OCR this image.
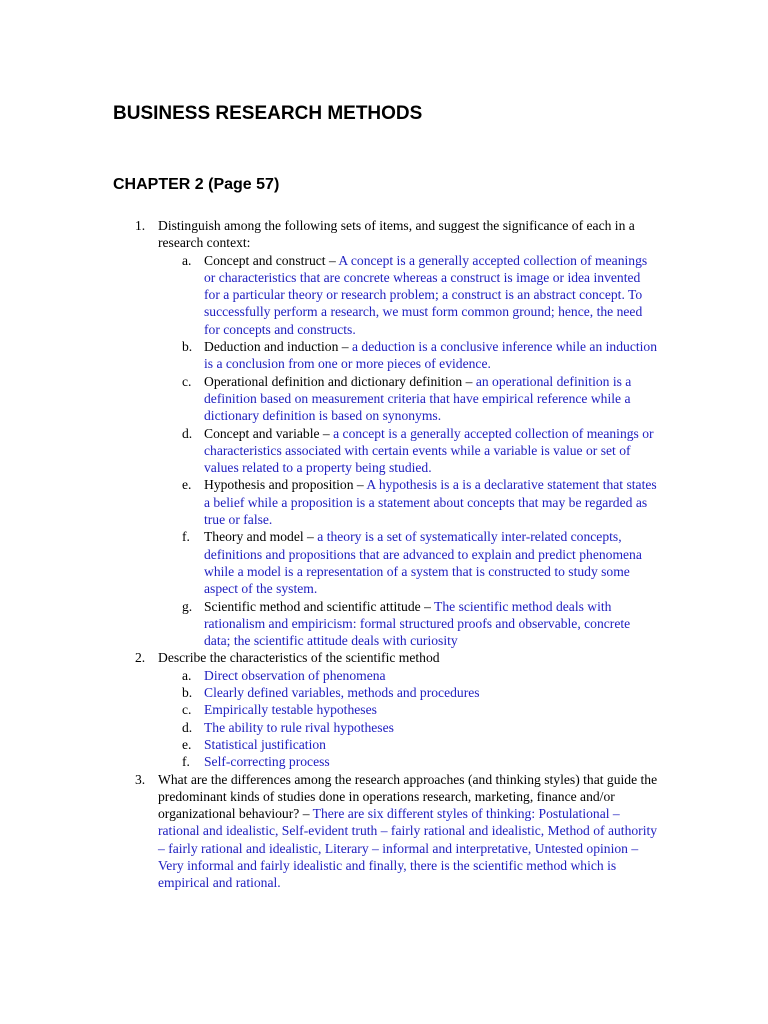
BUSINESS RESEARCH METHODS
CHAPTER 2 (Page 57)
1. Distinguish among the following sets of items, and suggest the significance of each in a research context:
a. Concept and construct – A concept is a generally accepted collection of meanings or characteristics that are concrete whereas a construct is image or idea invented for a particular theory or research problem; a construct is an abstract concept. To successfully perform a research, we must form common ground; hence, the need for concepts and constructs.
b. Deduction and induction – a deduction is a conclusive inference while an induction is a conclusion from one or more pieces of evidence.
c. Operational definition and dictionary definition – an operational definition is a definition based on measurement criteria that have empirical reference while a dictionary definition is based on synonyms.
d. Concept and variable – a concept is a generally accepted collection of meanings or characteristics associated with certain events while a variable is value or set of values related to a property being studied.
e. Hypothesis and proposition – A hypothesis is a is a declarative statement that states a belief while a proposition is a statement about concepts that may be regarded as true or false.
f. Theory and model – a theory is a set of systematically inter-related concepts, definitions and propositions that are advanced to explain and predict phenomena while a model is a representation of a system that is constructed to study some aspect of the system.
g. Scientific method and scientific attitude – The scientific method deals with rationalism and empiricism: formal structured proofs and observable, concrete data; the scientific attitude deals with curiosity
2. Describe the characteristics of the scientific method
a. Direct observation of phenomena
b. Clearly defined variables, methods and procedures
c. Empirically testable hypotheses
d. The ability to rule rival hypotheses
e. Statistical justification
f. Self-correcting process
3. What are the differences among the research approaches (and thinking styles) that guide the predominant kinds of studies done in operations research, marketing, finance and/or organizational behaviour? – There are six different styles of thinking: Postulational – rational and idealistic, Self-evident truth – fairly rational and idealistic, Method of authority – fairly rational and idealistic, Literary – informal and interpretative, Untested opinion – Very informal and fairly idealistic and finally, there is the scientific method which is empirical and rational.
